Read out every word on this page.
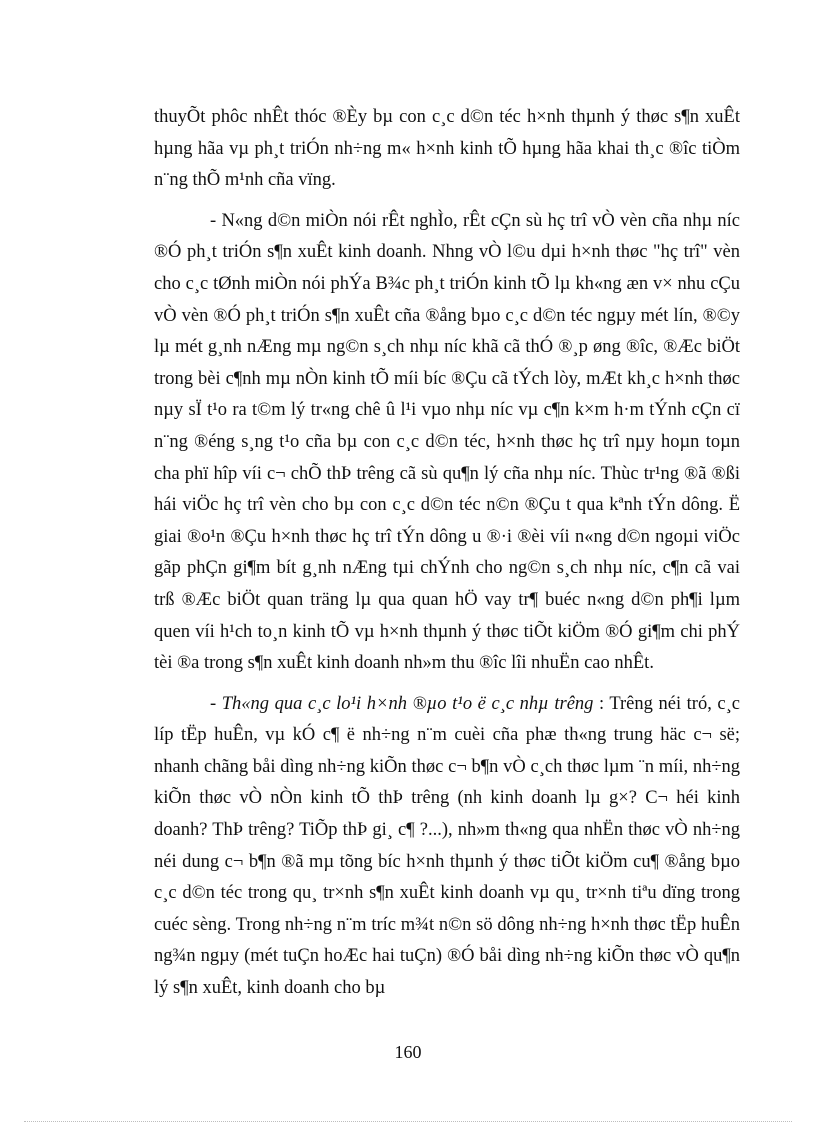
thuyÕt phôc nhÊt thóc ®Èy bµ con c¸c d©n téc h×nh thµnh ý thøc s¶n xuÊt hµng hãa vµ ph¸t triÓn nh÷ng m« h×nh kinh tÕ hµng hãa khai th¸c ®îc tiÒm n¨ng thÕ m¹nh cña vïng.

- N«ng d©n miÒn nói rÊt nghÌo, rÊt cÇn sù hç trî vÒ vèn cña nhµ níc ®Ó ph¸t triÓn s¶n xuÊt kinh doanh. Nhng vÒ l©u dµi h×nh thøc "hç trî" vèn cho c¸c tØnh miÒn nói phÝa B¾c ph¸t triÓn kinh tÕ lµ kh«ng æn v× nhu cÇu vÒ vèn ®Ó ph¸t triÓn s¶n xuÊt cña ®ång bµo c¸c d©n téc ngµy mét lín, ®©y lµ mét g¸nh nÆng mµ ng©n s¸ch nhµ níc khã cã thÓ ®¸p øng ®îc, ®Æc biÖt trong bèi c¶nh mµ nÒn kinh tÕ míi bíc ®Çu cã tÝch lòy, mÆt kh¸c h×nh thøc nµy sÏ t¹o ra t©m lý tr«ng chê û l¹i vµo nhµ níc vµ c¶n k×m h·m tÝnh cÇn cï n¨ng ®éng s¸ng t¹o cña bµ con c¸c d©n téc, h×nh thøc hç trî nµy hoµn toµn cha phï hîp víi c¬ chÕ thÞ trêng cã sù qu¶n lý cña nhµ níc. Thùc tr¹ng ®ã ®ßi hái viÖc hç trî vèn cho bµ con c¸c d©n téc n©n ®Çu t qua kªnh tÝn dông. Ë giai ®o¹n ®Çu h×nh thøc hç trî tÝn dông u ®·i ®èi víi n«ng d©n ngoµi viÖc gãp phÇn gi¶m bít g¸nh nÆng tµi chÝnh cho ng©n s¸ch nhµ níc, c¶n cã vai trß ®Æc biÖt quan träng lµ qua quan hÖ vay tr¶ buéc n«ng d©n ph¶i lµm quen víi h¹ch to¸n kinh tÕ vµ h×nh thµnh ý thøc tiÕt kiÖm ®Ó gi¶m chi phÝ tèi ®a trong s¶n xuÊt kinh doanh nh»m thu ®îc lîi nhuËn cao nhÊt.

- Th«ng qua c¸c lo¹i h×nh ®µo t¹o ë c¸c nhµ trêng : Trêng néi tró, c¸c líp tËp huÊn, vµ kÓ c¶ ë nh÷ng n¨m cuèi cña phæ th«ng trung häc c¬ së; nhanh chãng båi dìng nh÷ng kiÕn thøc c¬ b¶n vÒ c¸ch thøc lµm ¨n míi, nh÷ng kiÕn thøc vÒ nÒn kinh tÕ thÞ trêng (nh kinh doanh lµ g×? C¬ héi kinh doanh? ThÞ trêng? TiÕp thÞ gi¸ c¶ ?...), nh»m th«ng qua nhËn thøc vÒ nh÷ng néi dung c¬ b¶n ®ã mµ tõng bíc h×nh thµnh ý thøc tiÕt kiÖm cu¶ ®ång bµo c¸c d©n téc trong qu¸ tr×nh s¶n xuÊt kinh doanh vµ qu¸ tr×nh tiªu dïng trong cuéc sèng. Trong nh÷ng n¨m tríc m¾t n©n sö dông nh÷ng h×nh thøc tËp huÊn ng¾n ngµy (mét tuÇn hoÆc hai tuÇn) ®Ó båi dìng nh÷ng kiÕn thøc vÒ qu¶n lý s¶n xuÊt, kinh doanh cho bµ

160
